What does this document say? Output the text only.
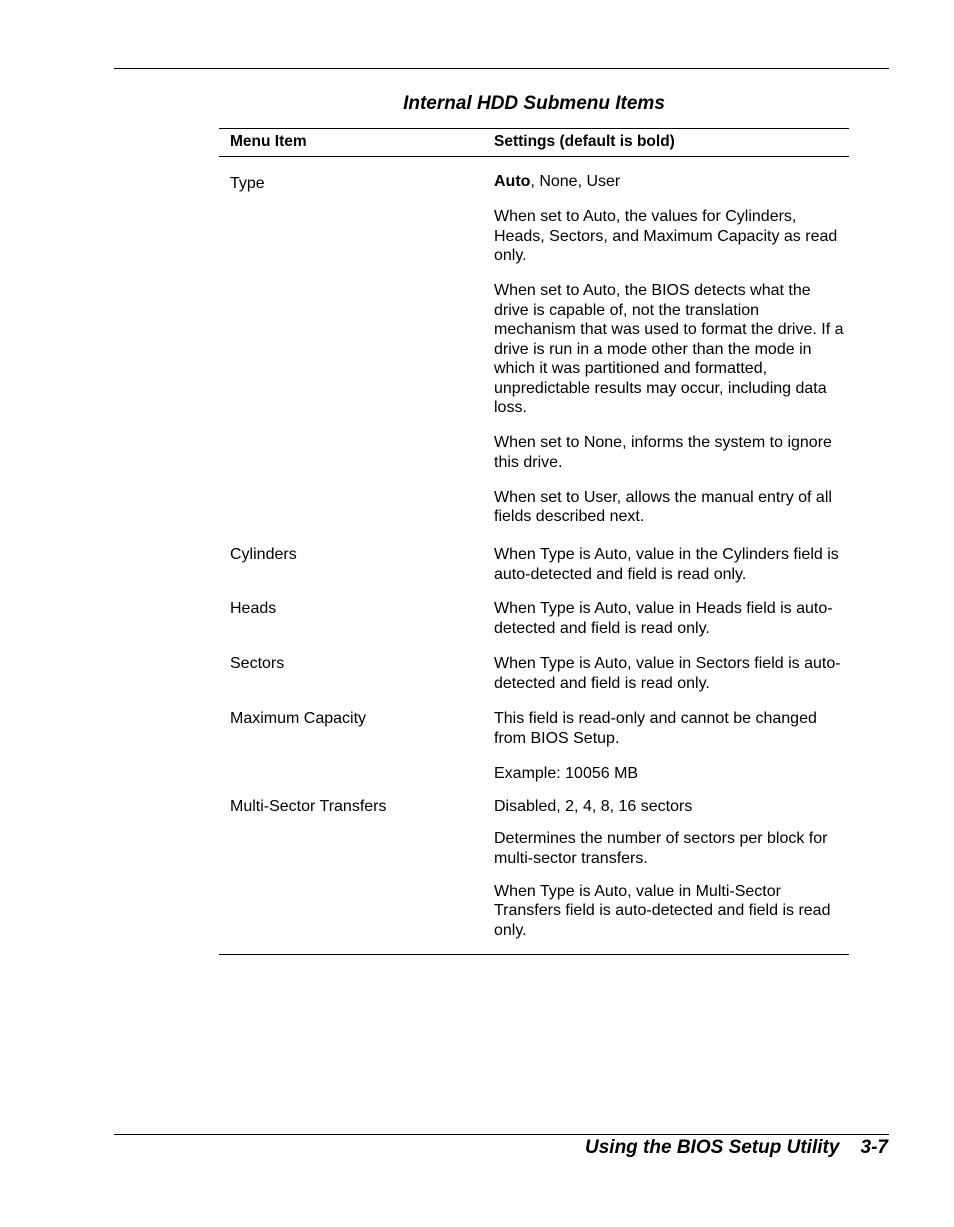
Internal HDD Submenu Items
Menu Item	Settings (default is bold)
Type	Auto, None, User

When set to Auto, the values for Cylinders, Heads, Sectors, and Maximum Capacity as read only.

When set to Auto, the BIOS detects what the drive is capable of, not the translation mechanism that was used to format the drive. If a drive is run in a mode other than the mode in which it was partitioned and formatted, unpredictable results may occur, including data loss.

When set to None, informs the system to ignore this drive.

When set to User, allows the manual entry of all fields described next.

Cylinders	When Type is Auto, value in the Cylinders field is auto-detected and field is read only.

Heads	When Type is Auto, value in Heads field is auto-detected and field is read only.

Sectors	When Type is Auto, value in Sectors field is auto-detected and field is read only.

Maximum Capacity	This field is read-only and cannot be changed from BIOS Setup.

Example: 10056 MB

Multi-Sector Transfers	Disabled, 2, 4, 8, 16 sectors

Determines the number of sectors per block for multi-sector transfers.

When Type is Auto, value in Multi-Sector Transfers field is auto-detected and field is read only.

Using the BIOS Setup Utility 3-7
